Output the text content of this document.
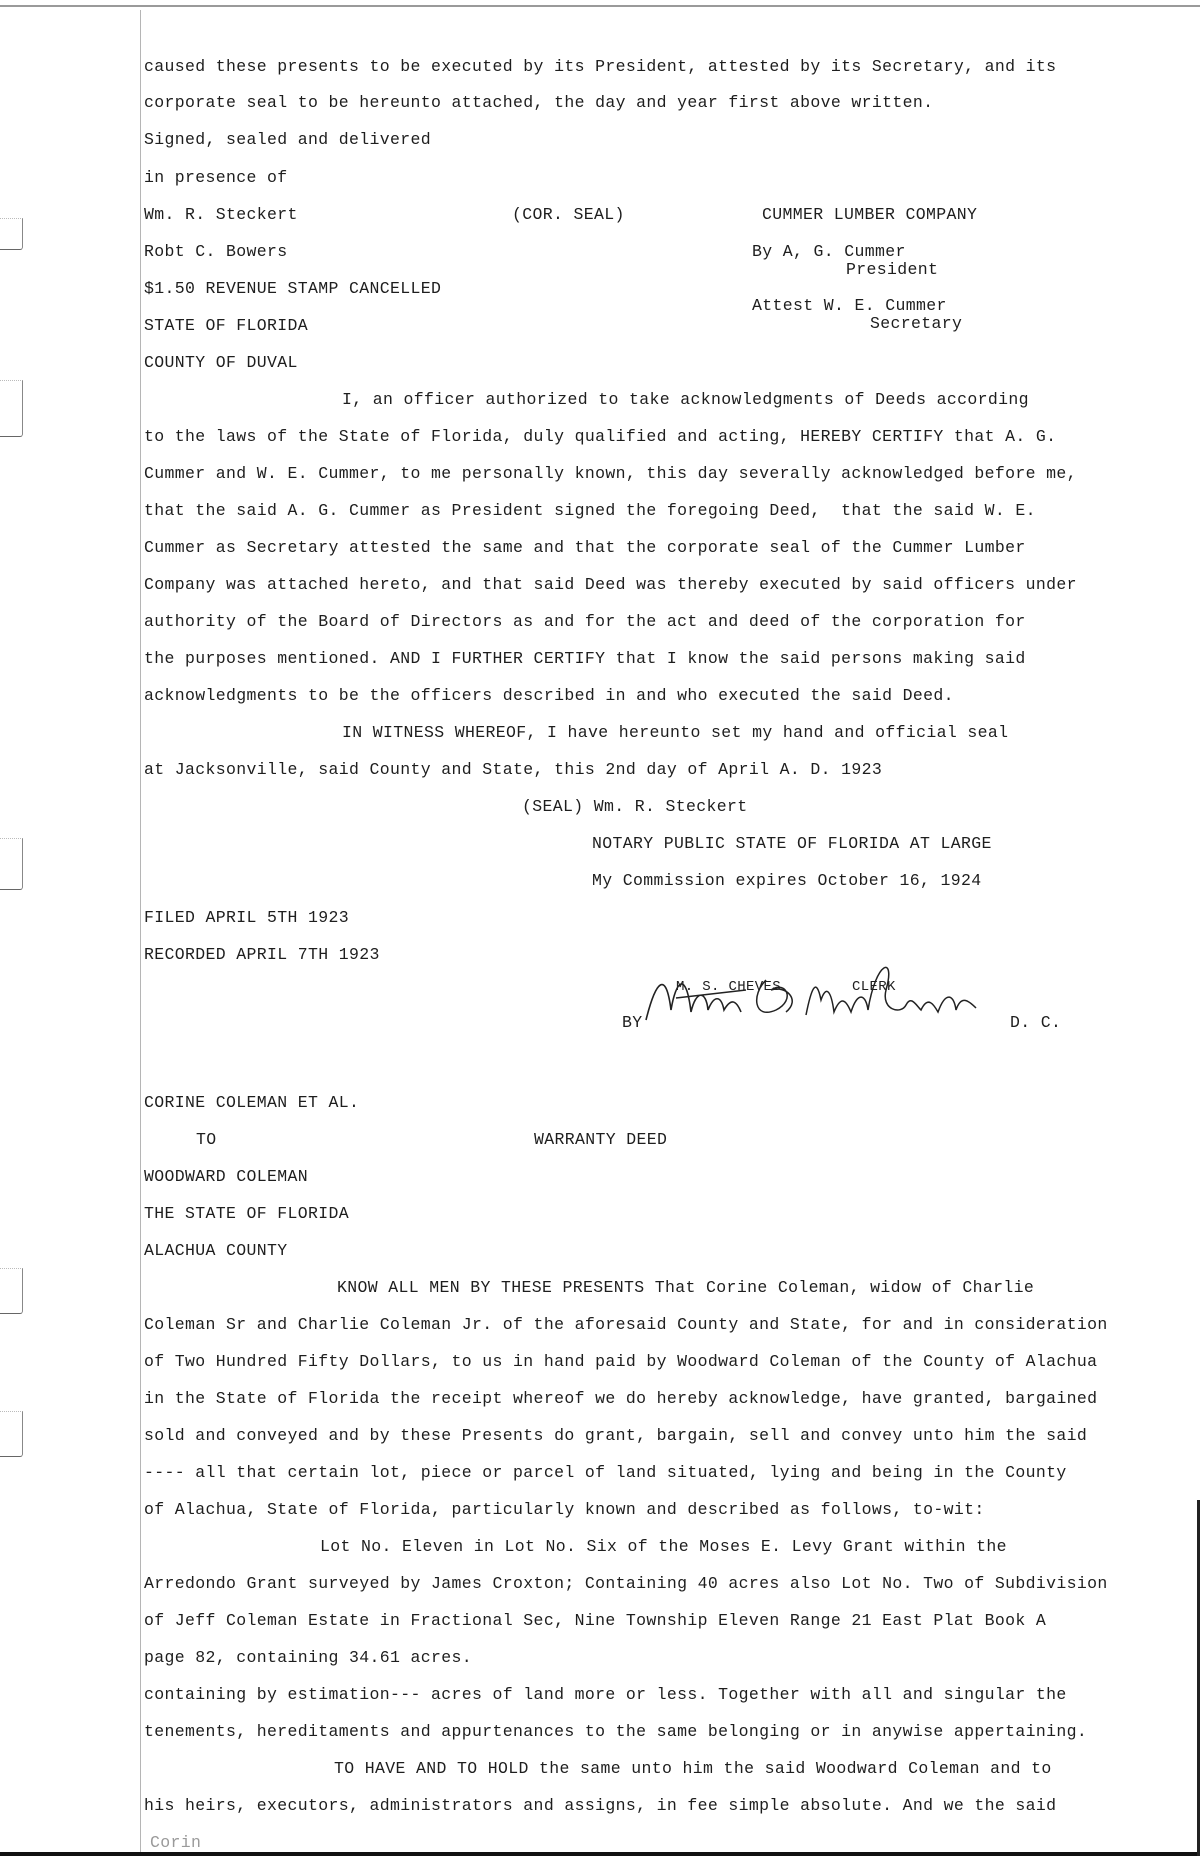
caused these presents to be executed by its President, attested by its Secretary, and its
corporate seal to be hereunto attached, the day and year first above written.
Signed, sealed and delivered
in presence of
Wm. R. Steckert	(COR. SEAL)	CUMMER LUMBER COMPANY
Robt C. Bowers	By A, G. Cummer
President
$1.50 REVENUE STAMP CANCELLED
Attest W. E. Cummer
Secretary
STATE OF FLORIDA
COUNTY OF DUVAL
I, an officer authorized to take acknowledgments of Deeds according
to the laws of the State of Florida, duly qualified and acting, HEREBY CERTIFY that A. G.
Cummer and W. E. Cummer, to me personally known, this day severally acknowledged before me,
that the said A. G. Cummer as President signed the foregoing Deed,  that the said W. E.
Cummer as Secretary attested the same and that the corporate seal of the Cummer Lumber
Company was attached hereto, and that said Deed was thereby executed by said officers under
authority of the Board of Directors as and for the act and deed of the corporation for
the purposes mentioned. AND I FURTHER CERTIFY that I know the said persons making said
acknowledgments to be the officers described in and who executed the said Deed.
IN WITNESS WHEREOF, I have hereunto set my hand and official seal
at Jacksonville, said County and State, this 2nd day of April A. D. 1923
(SEAL) Wm. R. Steckert
NOTARY PUBLIC STATE OF FLORIDA AT LARGE
My Commission expires October 16, 1924
FILED APRIL 5TH 1923
RECORDED APRIL 7TH 1923
M. S. CHEVES	CLERK
BY	D. C.
CORINE COLEMAN ET AL.
TO	WARRANTY DEED
WOODWARD COLEMAN
THE STATE OF FLORIDA
ALACHUA COUNTY
KNOW ALL MEN BY THESE PRESENTS That Corine Coleman, widow of Charlie
Coleman Sr and Charlie Coleman Jr. of the aforesaid County and State, for and in consideration
of Two Hundred Fifty Dollars, to us in hand paid by Woodward Coleman of the County of Alachua
in the State of Florida the receipt whereof we do hereby acknowledge, have granted, bargained
sold and conveyed and by these Presents do grant, bargain, sell and convey unto him the said
---- all that certain lot, piece or parcel of land situated, lying and being in the County
of Alachua, State of Florida, particularly known and described as follows, to-wit:
Lot No. Eleven in Lot No. Six of the Moses E. Levy Grant within the
Arredondo Grant surveyed by James Croxton; Containing 40 acres also Lot No. Two of Subdivision
of Jeff Coleman Estate in Fractional Sec, Nine Township Eleven Range 21 East Plat Book A
page 82, containing 34.61 acres.
containing by estimation--- acres of land more or less. Together with all and singular the
tenements, hereditaments and appurtenances to the same belonging or in anywise appertaining.
TO HAVE AND TO HOLD the same unto him the said Woodward Coleman and to
his heirs, executors, administrators and assigns, in fee simple absolute. And we the said
Corin
